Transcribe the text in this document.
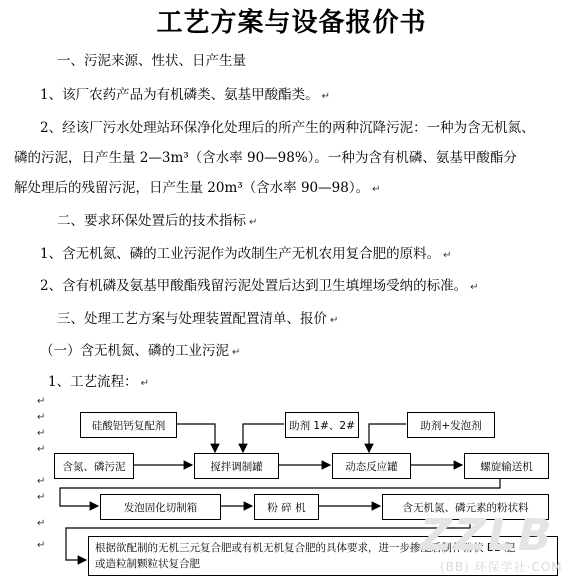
工艺方案与设备报价书
一、污泥来源、性状、日产生量
1、该厂农药产品为有机磷类、氨基甲酸酯类。 ↵
2、经该厂污水处理站环保净化处理后的所产生的两种沉降污泥：一种为含无机氮、
磷的污泥，日产生量 2—3m³（含水率 90—98%）。一种为含有机磷、氨基甲酸酯分
解处理后的残留污泥，日产生量 20m³（含水率 90—98）。 ↵
二、要求环保处置后的技术指标 ↵
1、含无机氮、磷的工业污泥作为改制生产无机农用复合肥的原料。 ↵
2、含有机磷及氨基甲酸酯残留污泥处置后达到卫生填埋场受纳的标准。 ↵
三、处理工艺方案与处理装置配置清单、报价 ↵
（一）含无机氮、磷的工业污泥 ↵
1、工艺流程： ↵
↵
↵
↵
↵
↵
↵
↵
↵
硅酸铝钙复配剂	助剂 1#、2#	助剂+发泡剂
含氮、磷污泥	搅拌调制罐	动态反应罐	螺旋输送机
发泡固化切制箱	粉 碎 机	含无机氮、磷元素的粉状料
根据欲配制的无机三元复合肥或有机无机复合肥的具体要求，进一步掺配后制作粉状 BB 肥
或造粒制颗粒状复合肥
ZZLB
(BB) 环保学社·COM
